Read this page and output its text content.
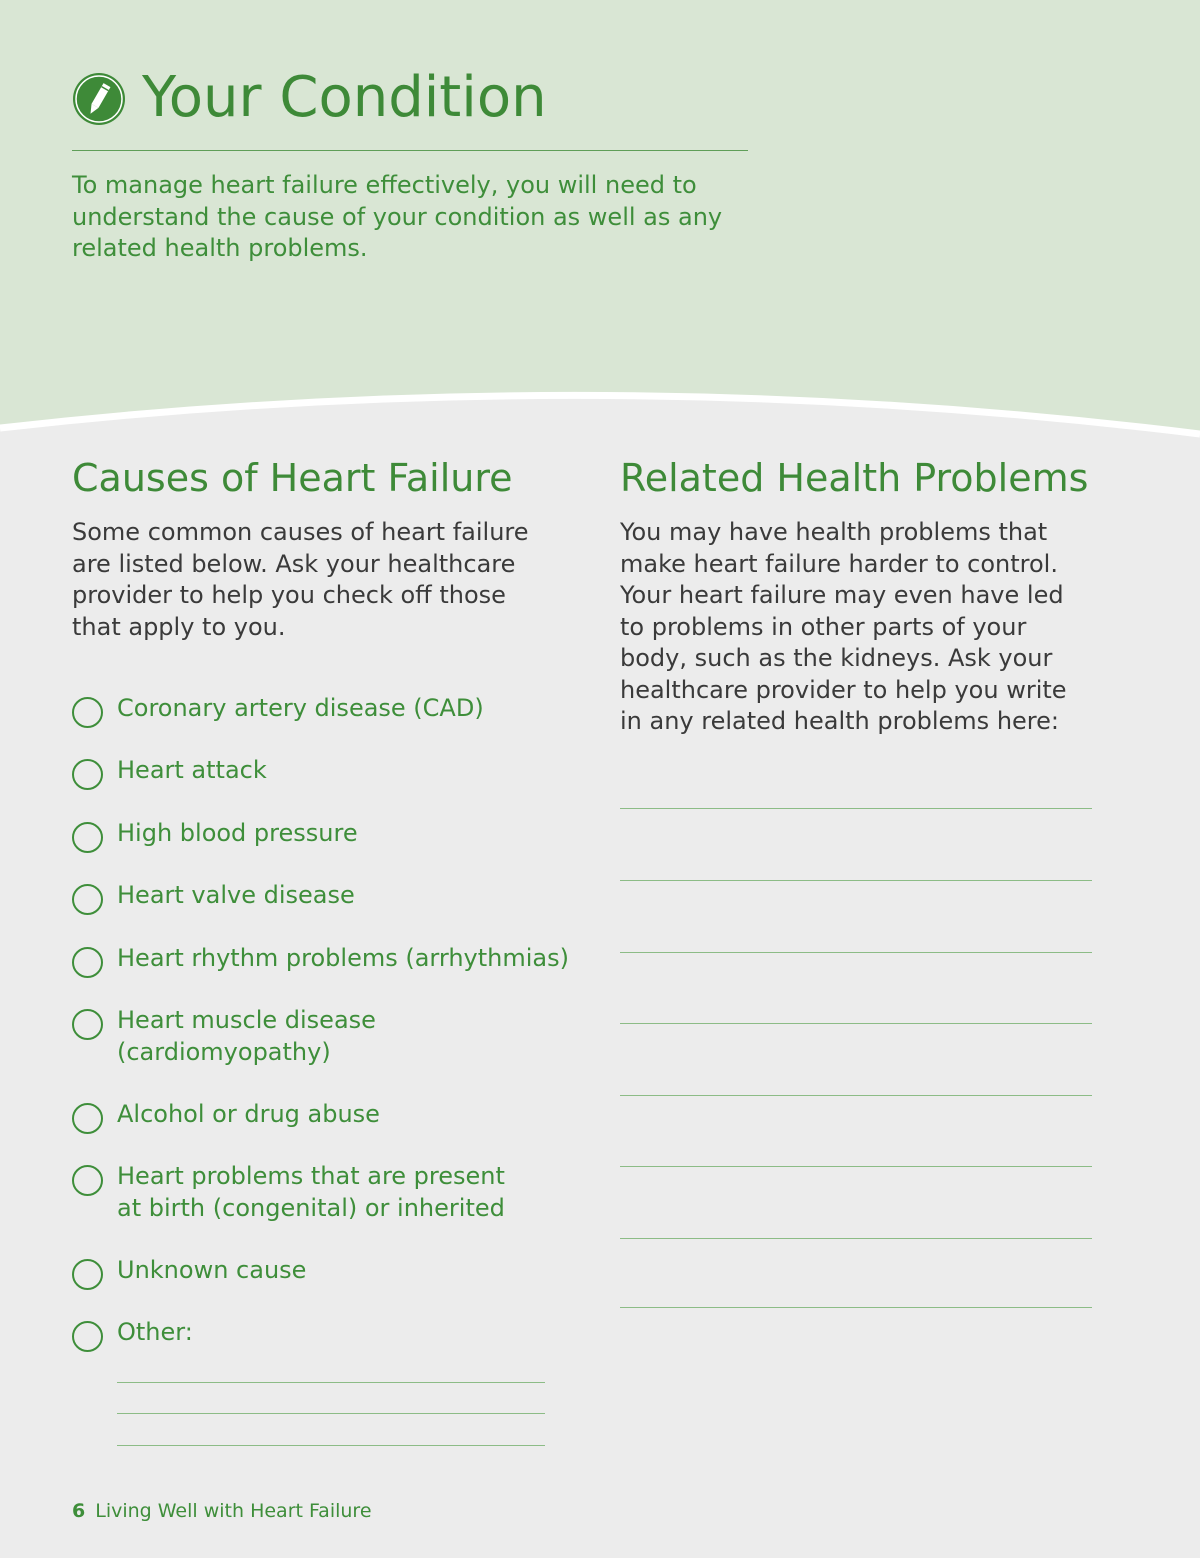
Your Condition

To manage heart failure effectively, you will need to understand the cause of your condition as well as any related health problems.

Causes of Heart Failure

Some common causes of heart failure are listed below. Ask your healthcare provider to help you check off those that apply to you.

Coronary artery disease (CAD)
Heart attack
High blood pressure
Heart valve disease
Heart rhythm problems (arrhythmias)
Heart muscle disease (cardiomyopathy)
Alcohol or drug abuse
Heart problems that are present at birth (congenital) or inherited
Unknown cause
Other:
Related Health Problems

You may have health problems that make heart failure harder to control. Your heart failure may even have led to problems in other parts of your body, such as the kidneys. Ask your healthcare provider to help you write in any related health problems here:

6 Living Well with Heart Failure
